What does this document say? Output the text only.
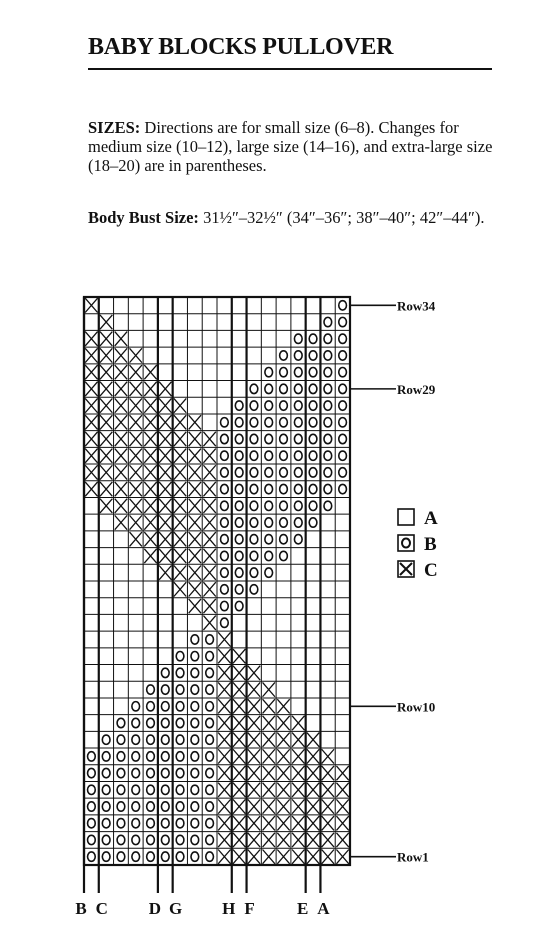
BABY BLOCKS PULLOVER
SIZES: Directions are for small size (6–8). Changes for medium size (10–12), large size (14–16), and extra-large size (18–20) are in parentheses.
Body Bust Size: 31½″–32½″ (34″–36″; 38″–40″; 42″–44″).
B C D G H F E A
Row34
Row29
Row10
Row1
A
B
C
